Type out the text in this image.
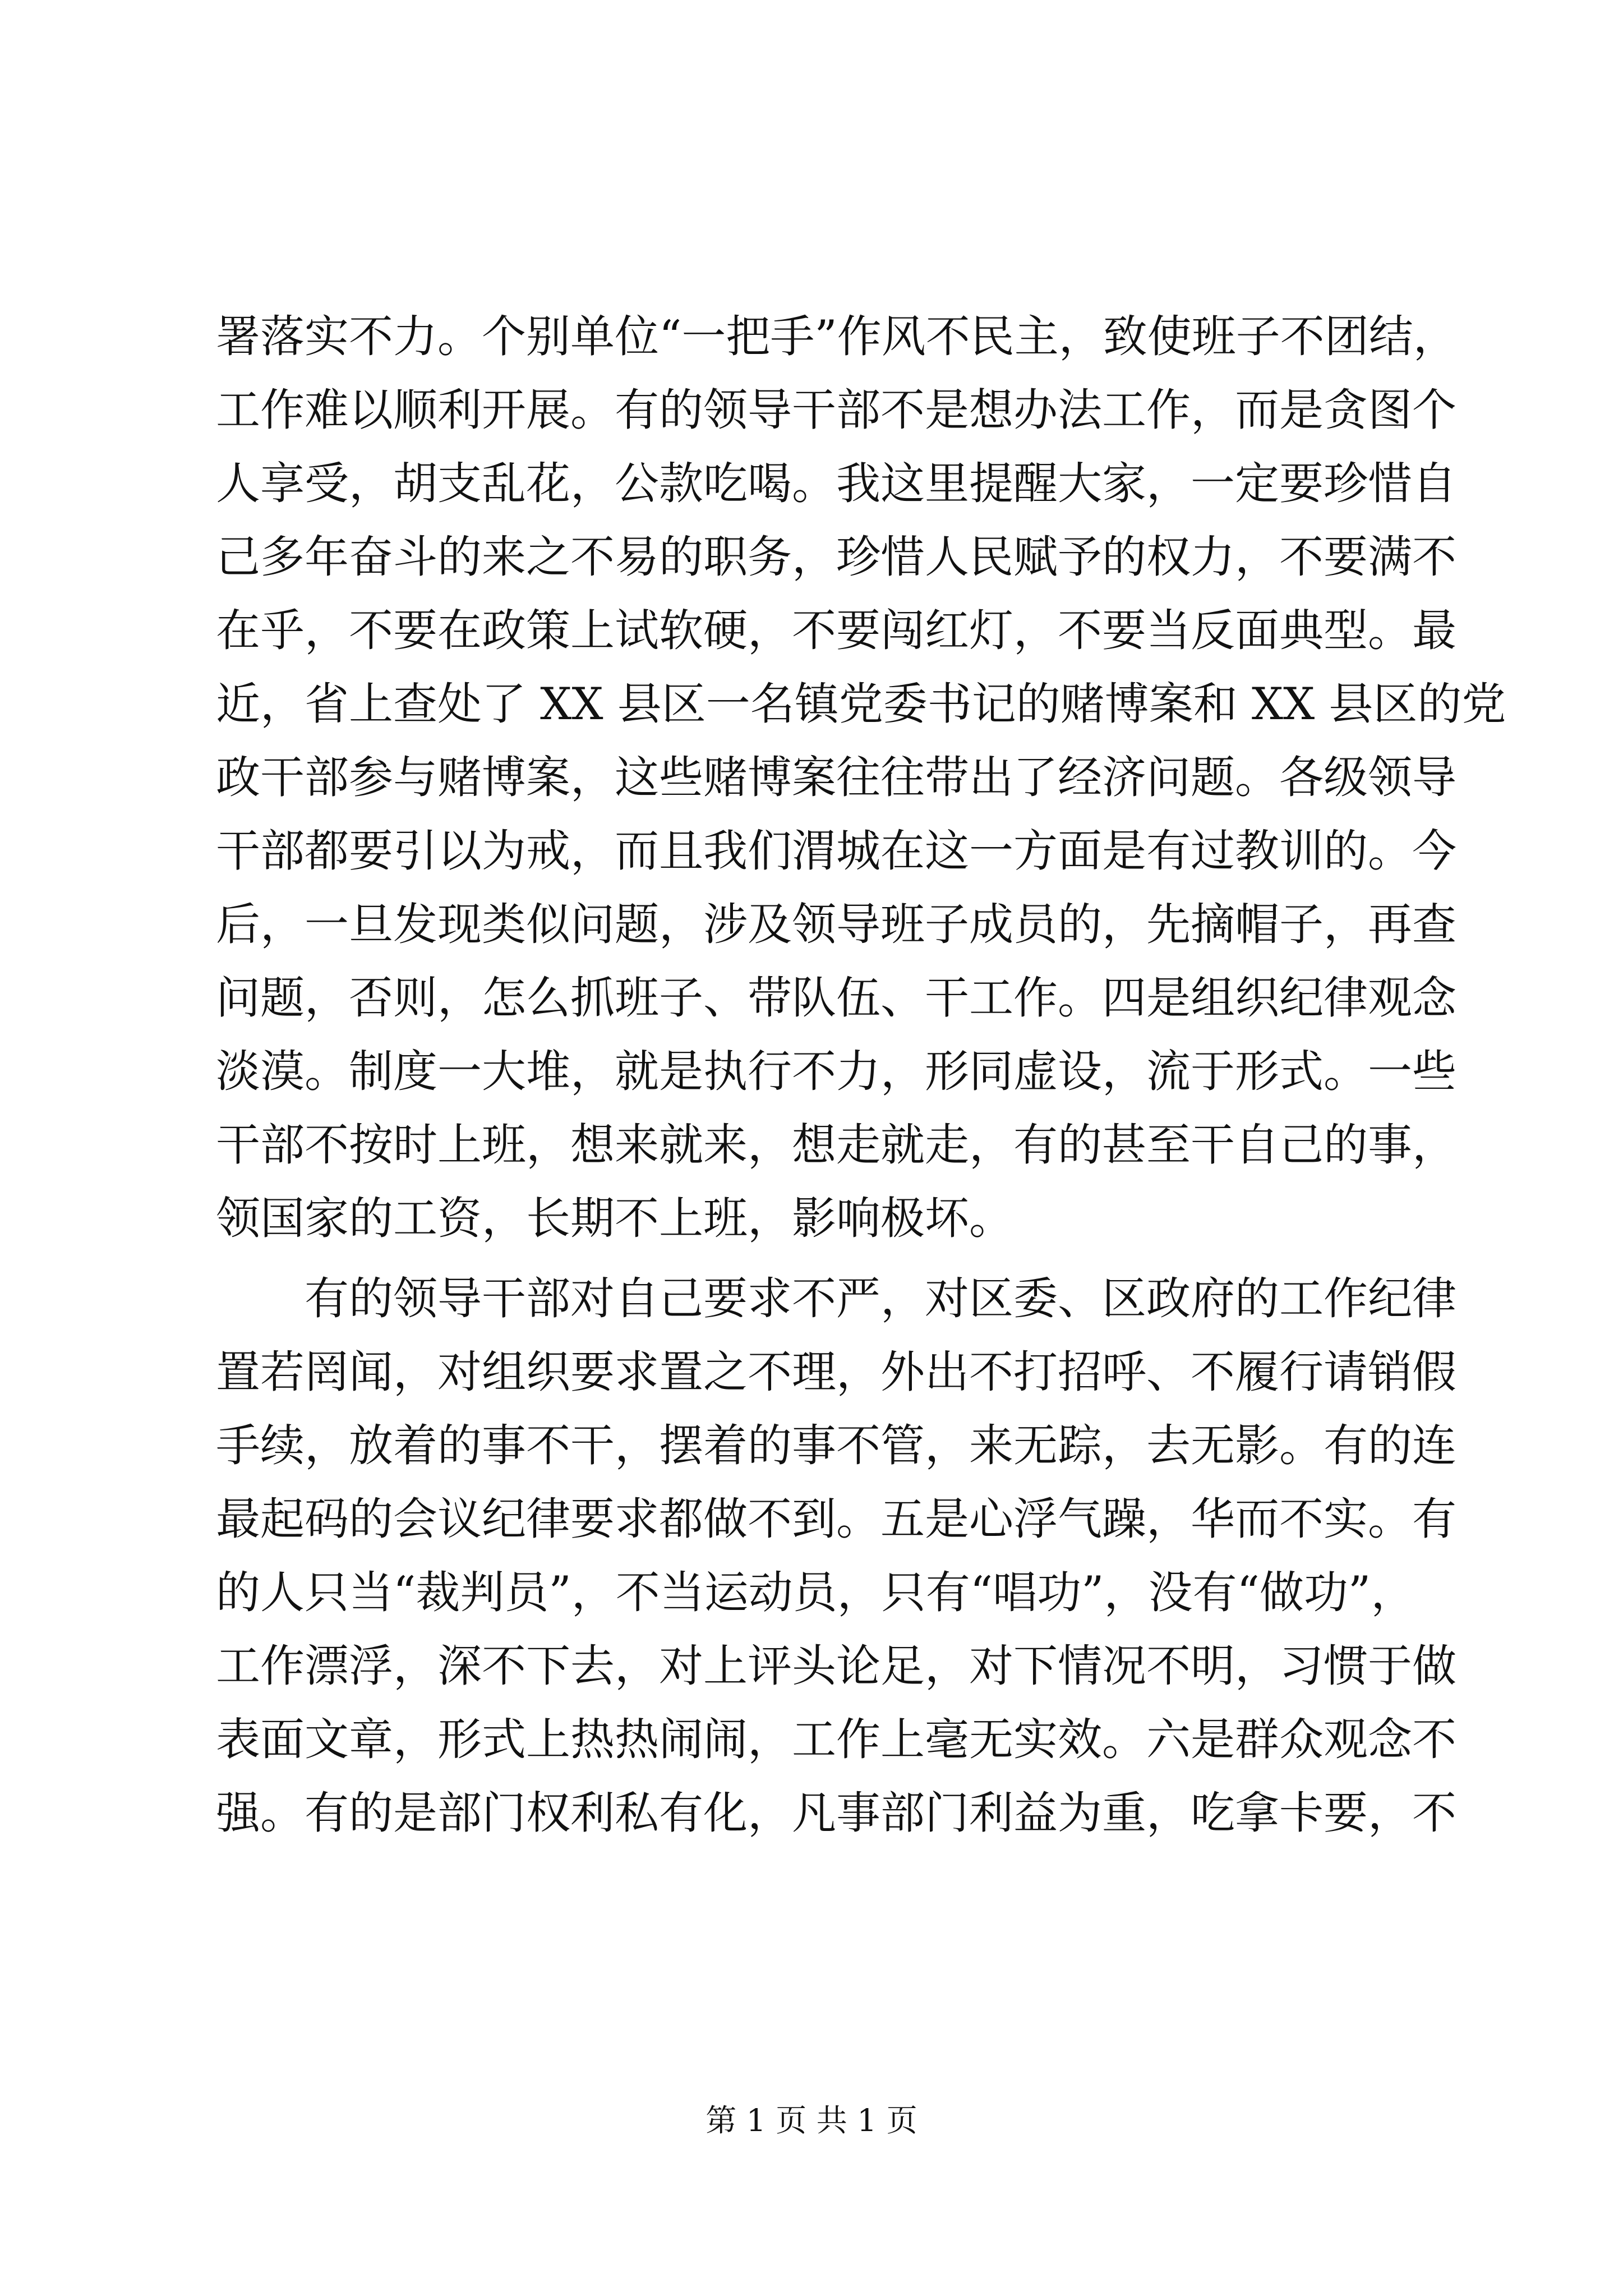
署落实不力。个别单位“一把手”作风不民主，致使班子不团结，
工作难以顺利开展。有的领导干部不是想办法工作，而是贪图个
人享受，胡支乱花，公款吃喝。我这里提醒大家，一定要珍惜自
己多年奋斗的来之不易的职务，珍惜人民赋予的权力，不要满不
在乎，不要在政策上试软硬，不要闯红灯，不要当反面典型。最
近，省上查处了 XX 县区一名镇党委书记的赌博案和 XX 县区的党
政干部参与赌博案，这些赌博案往往带出了经济问题。各级领导
干部都要引以为戒，而且我们渭城在这一方面是有过教训的。今
后，一旦发现类似问题，涉及领导班子成员的，先摘帽子，再查
问题，否则，怎么抓班子、带队伍、干工作。四是组织纪律观念
淡漠。制度一大堆，就是执行不力，形同虚设，流于形式。一些
干部不按时上班，想来就来，想走就走，有的甚至干自己的事，
领国家的工资，长期不上班，影响极坏。
有的领导干部对自己要求不严，对区委、区政府的工作纪律
置若罔闻，对组织要求置之不理，外出不打招呼、不履行请销假
手续，放着的事不干，摆着的事不管，来无踪，去无影。有的连
最起码的会议纪律要求都做不到。五是心浮气躁，华而不实。有
的人只当“裁判员”，不当运动员，只有“唱功”，没有“做功”，
工作漂浮，深不下去，对上评头论足，对下情况不明，习惯于做
表面文章，形式上热热闹闹，工作上毫无实效。六是群众观念不
强。有的是部门权利私有化，凡事部门利益为重，吃拿卡要，不
第 1 页 共 1 页
